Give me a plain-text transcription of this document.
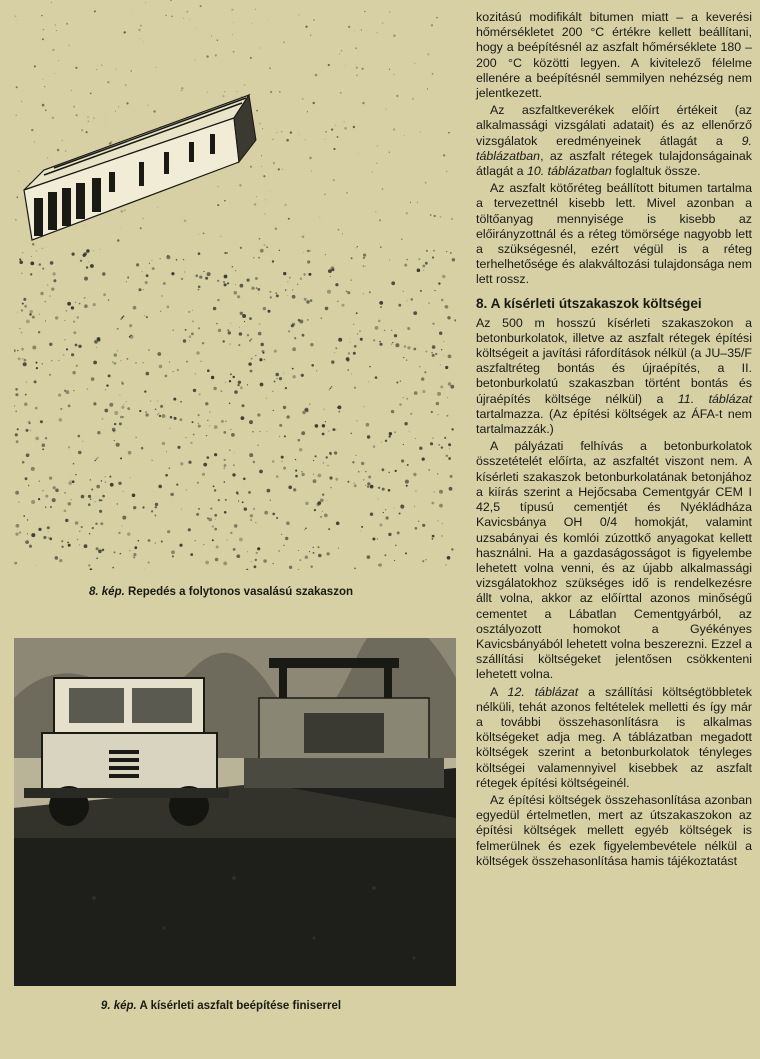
8. kép. Repedés a folytonos vasalású szakaszon
9. kép. A kísérleti aszfalt beépítése finiserrel

kozitású modifikált bitumen miatt – a keverési hőmérsékletet 200 °C értékre kellett beállítani, hogy a beépítésnél az aszfalt hőmérséklete 180 – 200 °C közötti legyen. A kivitelező félelme ellenére a beépítésnél semmilyen nehézség nem jelentkezett.

Az aszfaltkeverékek előírt értékeit (az alkalmassági vizsgálati adatait) és az ellenőrző vizsgálatok eredményeinek átlagát a 9. táblázatban, az aszfalt rétegek tulajdonságainak átlagát a 10. táblázatban foglaltuk össze.

Az aszfalt kötőréteg beállított bitumen tartalma a tervezettnél kisebb lett. Mivel azonban a töltőanyag mennyisége is kisebb az előirányzottnál és a réteg tömörsége nagyobb lett a szükségesnél, ezért végül is a réteg terhelhetősége és alakváltozási tulajdonsága nem lett rossz.

8. A kísérleti útszakaszok költségei

Az 500 m hosszú kísérleti szakaszokon a betonburkolatok, illetve az aszfalt rétegek építési költségeit a javítási ráfordítások nélkül (a JU–35/F aszfaltréteg bontás és újraépítés, a II. betonburkolatú szakaszban történt bontás és újraépítés költsége nélkül) a 11. táblázat tartalmazza. (Az építési költségek az ÁFA-t nem tartalmazzák.)

A pályázati felhívás a betonburkolatok összetételét előírta, az aszfaltét viszont nem. A kísérleti szakaszok betonburkolatának betonjához a kiírás szerint a Hejőcsaba Cementgyár CEM I 42,5 típusú cementjét és Nyékládháza Kavicsbánya OH 0/4 homokját, valamint uzsabányai és komlói zúzottkő anyagokat kellett használni. Ha a gazdaságosságot is figyelembe lehetett volna venni, és az újabb alkalmassági vizsgálatokhoz szükséges idő is rendelkezésre állt volna, akkor az előírttal azonos minőségű cementet a Lábatlan Cementgyárból, az osztályozott homokot a Gyékényes Kavicsbányából lehetett volna beszerezni. Ezzel a szállítási költségeket jelentősen csökkenteni lehetett volna.

A 12. táblázat a szállítási költségtöbbletek nélküli, tehát azonos feltételek melletti és így már a további összehasonlításra is alkalmas költségeket adja meg. A táblázatban megadott költségek szerint a betonburkolatok tényleges költségei valamennyivel kisebbek az aszfalt rétegek építési költségeinél.

Az építési költségek összehasonlítása azonban egyedül értelmetlen, mert az útszakaszokon az építési költségek mellett egyéb költségek is felmerülnek és ezek figyelembevétele nélkül a költségek összehasonlítása hamis tájékoztatást
